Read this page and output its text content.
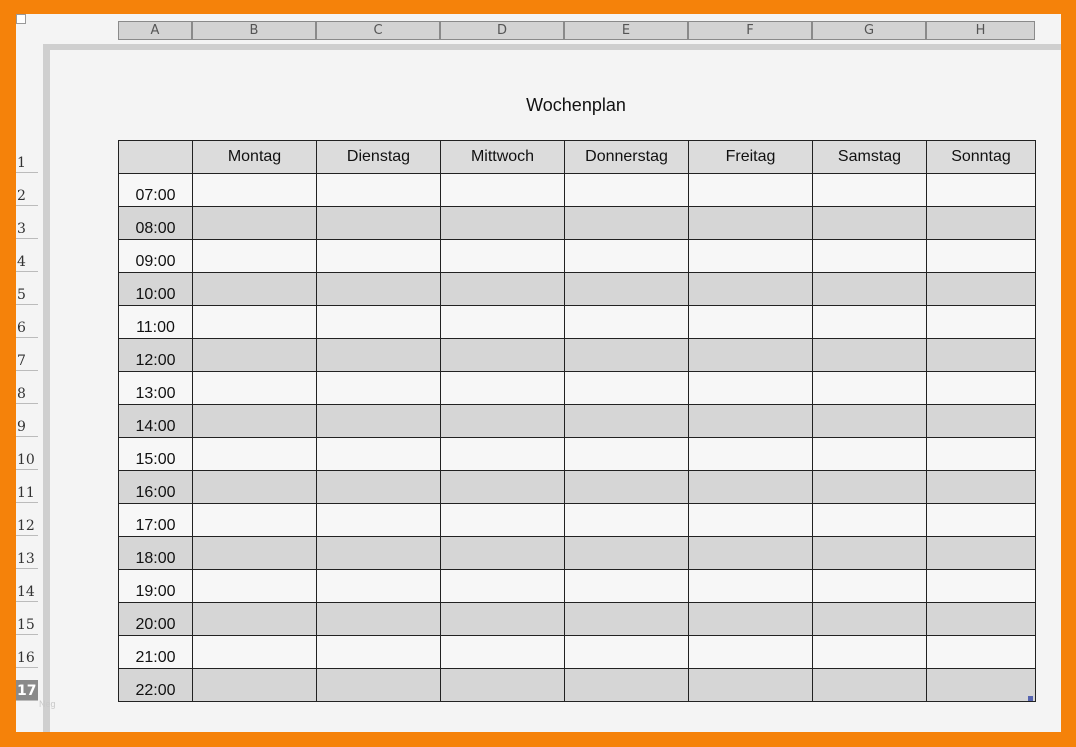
A	B	C	D	E	F	G	H
1
2
3
4
5
6
7
8
9
10
11
12
13
14
15
16
17
Wochenplan
	Montag	Dienstag	Mittwoch	Donnerstag	Freitag	Samstag	Sonntag
07:00							
08:00							
09:00							
10:00							
11:00							
12:00							
13:00							
14:00							
15:00							
16:00							
17:00							
18:00							
19:00							
20:00							
21:00							
22:00							
Neg
